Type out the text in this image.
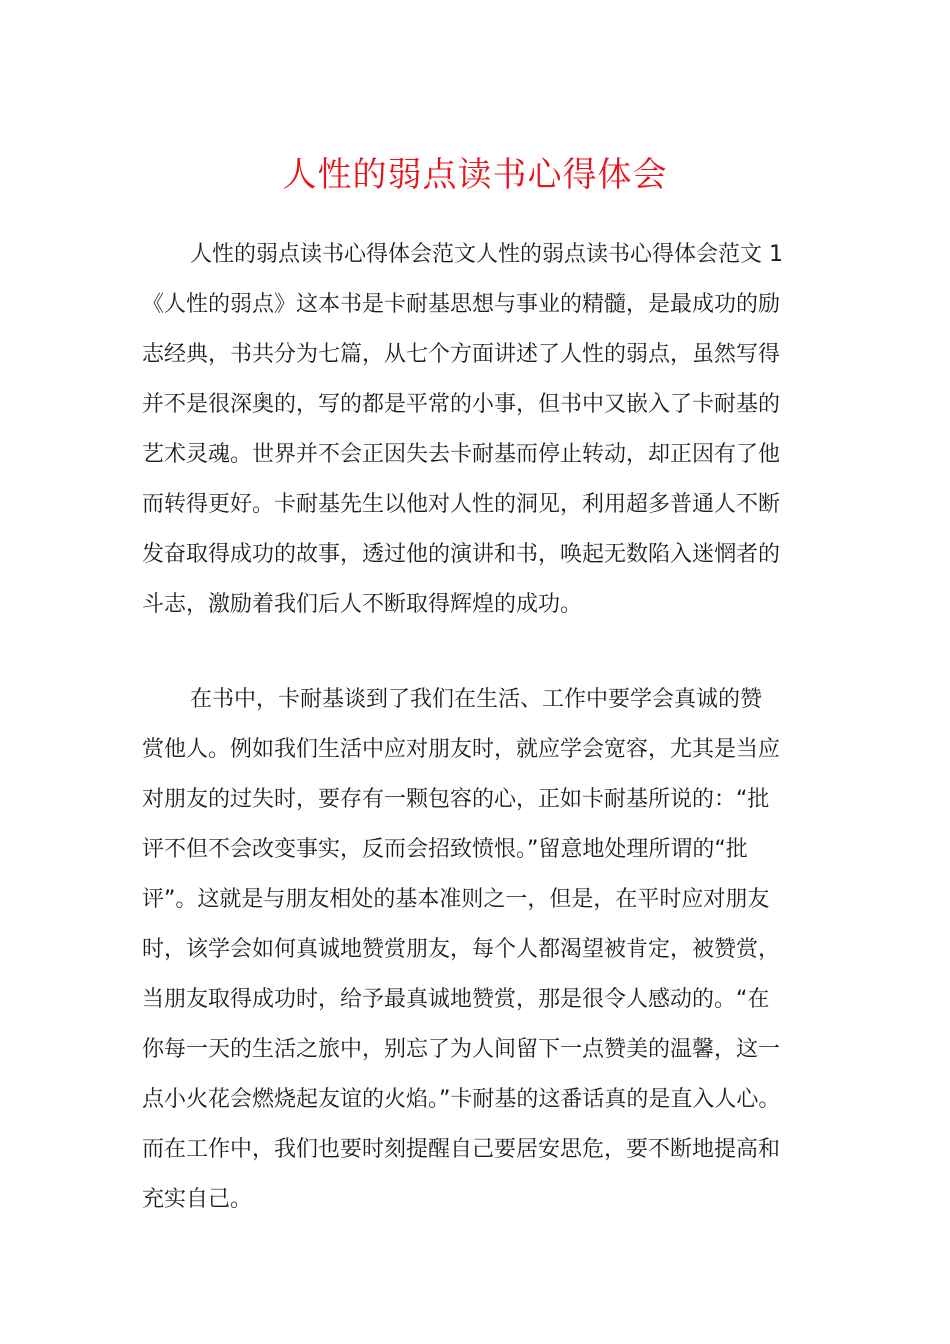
人性的弱点读书心得体会
人性的弱点读书心得体会范文人性的弱点读书心得体会范文 1
《人性的弱点》这本书是卡耐基思想与事业的精髓，是最成功的励
志经典，书共分为七篇，从七个方面讲述了人性的弱点，虽然写得
并不是很深奥的，写的都是平常的小事，但书中又嵌入了卡耐基的
艺术灵魂。世界并不会正因失去卡耐基而停止转动，却正因有了他
而转得更好。卡耐基先生以他对人性的洞见，利用超多普通人不断
发奋取得成功的故事，透过他的演讲和书，唤起无数陷入迷惘者的
斗志，激励着我们后人不断取得辉煌的成功。
在书中，卡耐基谈到了我们在生活、工作中要学会真诚的赞
赏他人。例如我们生活中应对朋友时，就应学会宽容，尤其是当应
对朋友的过失时，要存有一颗包容的心，正如卡耐基所说的：“批
评不但不会改变事实，反而会招致愤恨。”留意地处理所谓的“批
评”。这就是与朋友相处的基本准则之一，但是，在平时应对朋友
时，该学会如何真诚地赞赏朋友，每个人都渴望被肯定，被赞赏，
当朋友取得成功时，给予最真诚地赞赏，那是很令人感动的。“在
你每一天的生活之旅中，别忘了为人间留下一点赞美的温馨，这一
点小火花会燃烧起友谊的火焰。”卡耐基的这番话真的是直入人心。
而在工作中，我们也要时刻提醒自己要居安思危，要不断地提高和
充实自己。
